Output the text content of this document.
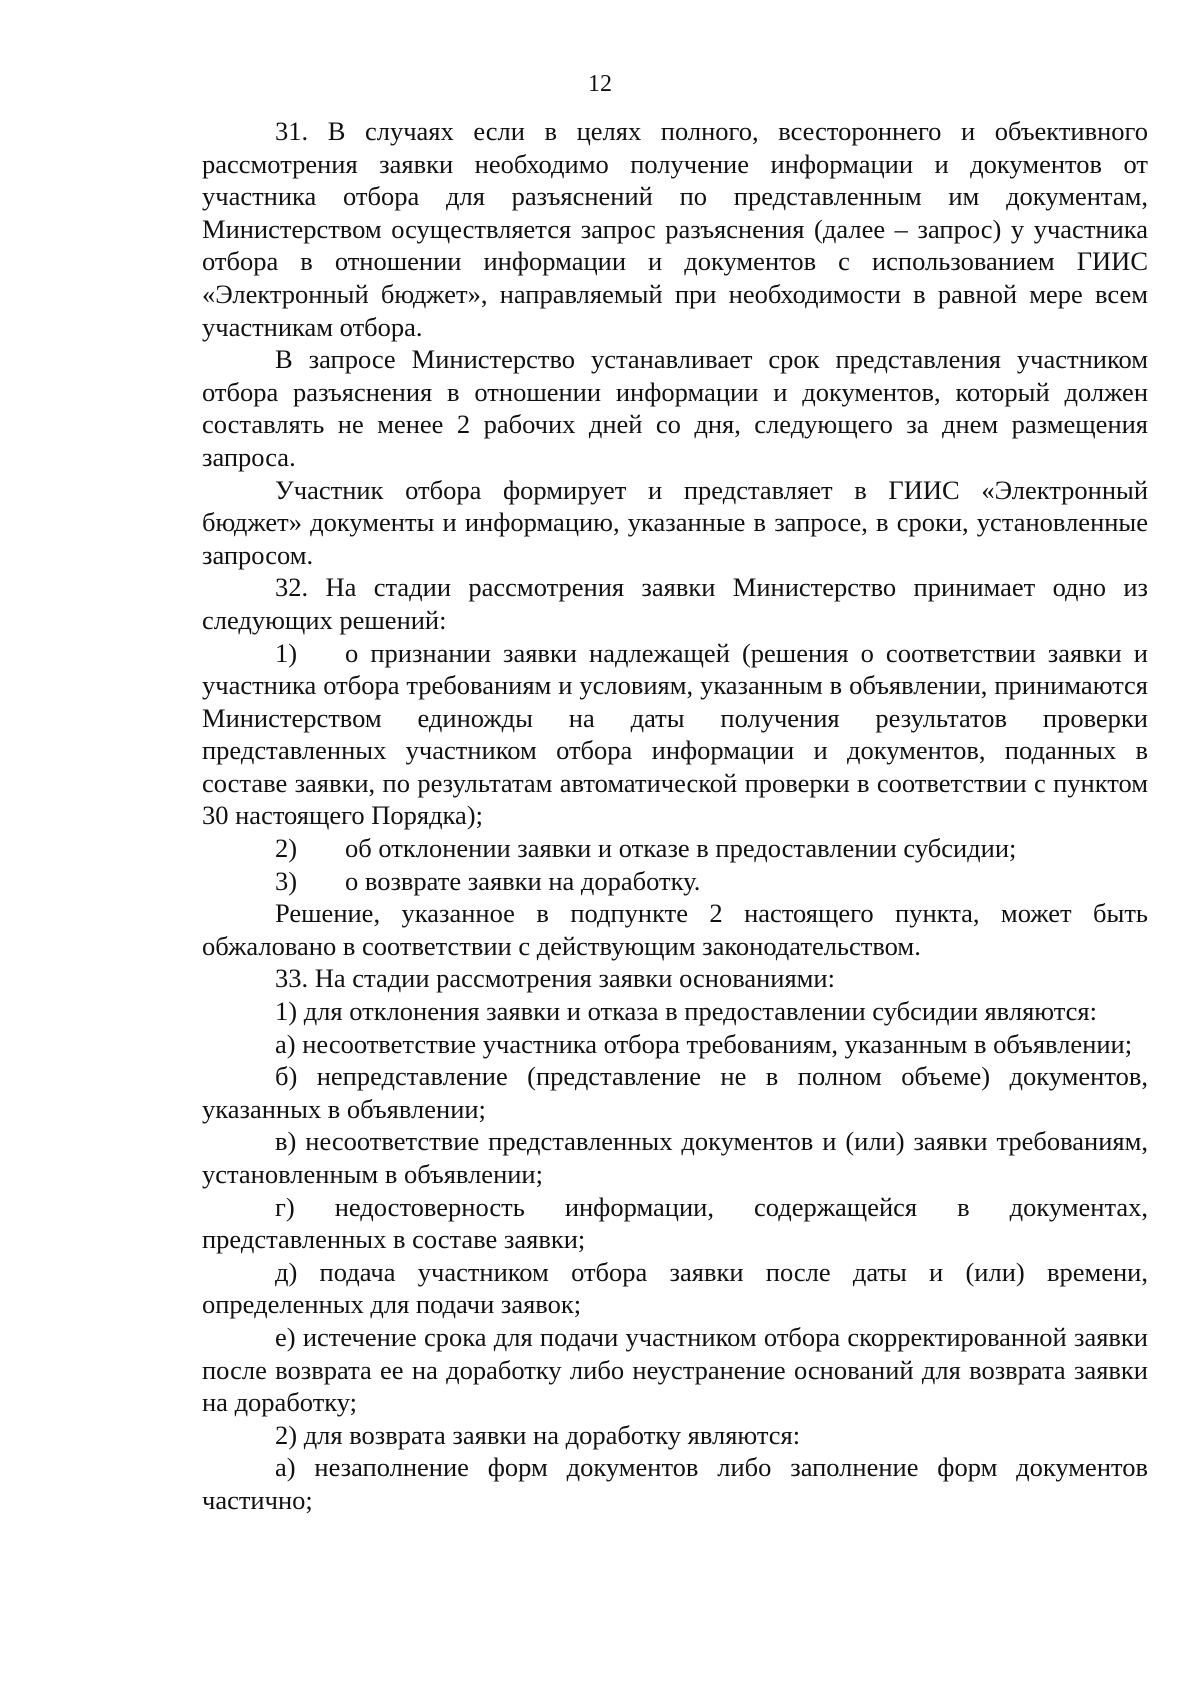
12

31. В случаях если в целях полного, всестороннего и объективного рассмотрения заявки необходимо получение информации и документов от участника отбора для разъяснений по представленным им документам, Министерством осуществляется запрос разъяснения (далее – запрос) у участника отбора в отношении информации и документов с использованием ГИИС «Электронный бюджет», направляемый при необходимости в равной мере всем участникам отбора.

В запросе Министерство устанавливает срок представления участником отбора разъяснения в отношении информации и документов, который должен составлять не менее 2 рабочих дней со дня, следующего за днем размещения запроса.

Участник отбора формирует и представляет в ГИИС «Электронный бюджет» документы и информацию, указанные в запросе, в сроки, установленные запросом.

32. На стадии рассмотрения заявки Министерство принимает одно из следующих решений:

1) о признании заявки надлежащей (решения о соответствии заявки и участника отбора требованиям и условиям, указанным в объявлении, принимаются Министерством единожды на даты получения результатов проверки представленных участником отбора информации и документов, поданных в составе заявки, по результатам автоматической проверки в соответствии с пунктом 30 настоящего Порядка);

2) об отклонении заявки и отказе в предоставлении субсидии;

3) о возврате заявки на доработку.

Решение, указанное в подпункте 2 настоящего пункта, может быть обжаловано в соответствии с действующим законодательством.

33. На стадии рассмотрения заявки основаниями:

1) для отклонения заявки и отказа в предоставлении субсидии являются:

а) несоответствие участника отбора требованиям, указанным в объявлении;

б) непредставление (представление не в полном объеме) документов, указанных в объявлении;

в) несоответствие представленных документов и (или) заявки требованиям, установленным в объявлении;

г) недостоверность информации, содержащейся в документах, представленных в составе заявки;

д) подача участником отбора заявки после даты и (или) времени, определенных для подачи заявок;

е) истечение срока для подачи участником отбора скорректированной заявки после возврата ее на доработку либо неустранение оснований для возврата заявки на доработку;

2) для возврата заявки на доработку являются:

а) незаполнение форм документов либо заполнение форм документов частично;
